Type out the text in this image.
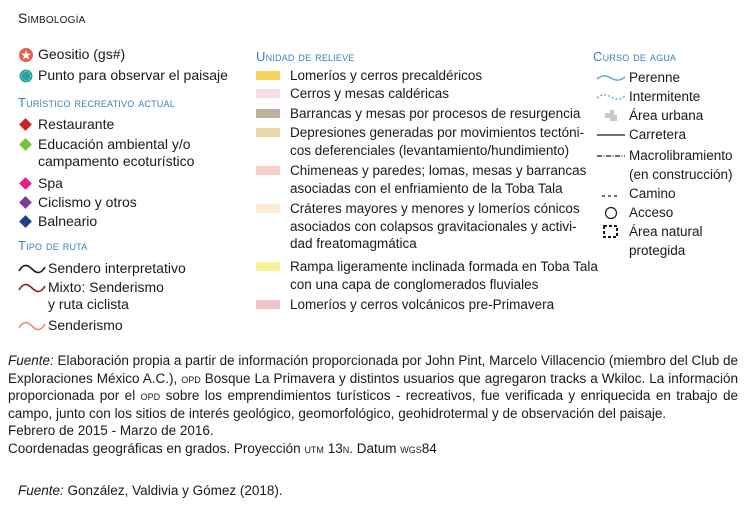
Simbología
Geositio (gs#)
Punto para observar el paisaje
Turístico recreativo actual
Restaurante
Educación ambiental y/o campamento ecoturístico
Spa
Ciclismo y otros
Balneario
Tipo de ruta
Sendero interpretativo
Mixto: Senderismo
y ruta ciclista
Senderismo
Unidad de relieve
Lomeríos y cerros precaldéricos
Cerros y mesas caldéricas
Barrancas y mesas por procesos de resurgencia
Depresiones generadas por movimientos tectóni-
cos deferenciales (levantamiento/hundimiento)
Chimeneas y paredes; lomas, mesas y barrancas
asociadas con el enfriamiento de la Toba Tala
Cráteres mayores y menores y lomeríos cónicos
asociados con colapsos gravitacionales y activi-
dad freatomagmática
Rampa ligeramente inclinada formada en Toba Tala
con una capa de conglomerados fluviales
Lomeríos y cerros volcánicos pre-Primavera
Curso de agua
Perenne
Intermitente
Área urbana
Carretera
Macrolibramiento
(en construcción)
Camino
Acceso
Área natural
protegida
Fuente: Elaboración propia a partir de información proporcionada por John Pint, Marcelo Villacencio (miembro del Club de Exploraciones México A.C.), opd Bosque La Primavera y distintos usuarios que agregaron tracks a Wkiloc. La información proporcionada por el opd sobre los emprendimientos turísticos - recreativos, fue verificada y enriquecida en trabajo de campo, junto con los sitios de interés geológico, geomorfológico, geohidrotermal y de observación del paisaje.
Febrero de 2015 - Marzo de 2016.
Coordenadas geográficas en grados. Proyección utm 13n. Datum wgs84
Fuente: González, Valdivia y Gómez (2018).
